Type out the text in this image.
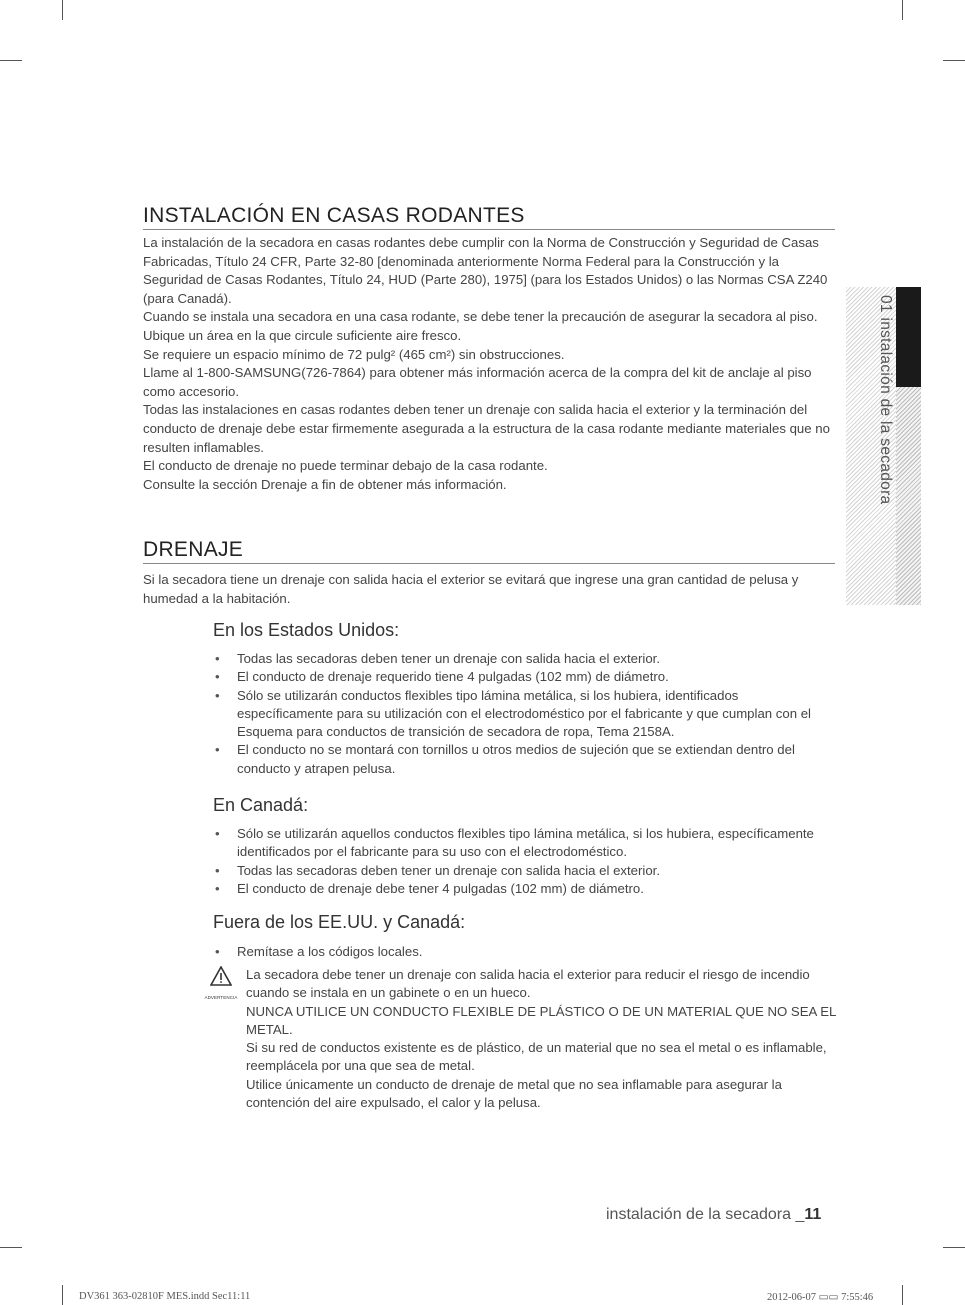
INSTALACIÓN EN CASAS RODANTES

La instalación de la secadora en casas rodantes debe cumplir con la Norma de Construcción y Seguridad de Casas Fabricadas, Título 24 CFR, Parte 32-80 [denominada anteriormente Norma Federal para la Construcción y la Seguridad de Casas Rodantes, Título 24, HUD (Parte 280), 1975] (para los Estados Unidos) o las Normas CSA Z240 (para Canadá).

Cuando se instala una secadora en una casa rodante, se debe tener la precaución de asegurar la secadora al piso.

Ubique un área en la que circule suficiente aire fresco.

Se requiere un espacio mínimo de 72 pulg² (465 cm²) sin obstrucciones.

Llame al 1-800-SAMSUNG(726-7864) para obtener más información acerca de la compra del kit de anclaje al piso como accesorio.

Todas las instalaciones en casas rodantes deben tener un drenaje con salida hacia el exterior y la terminación del conducto de drenaje debe estar firmemente asegurada a la estructura de la casa rodante mediante materiales que no resulten inflamables.

El conducto de drenaje no puede terminar debajo de la casa rodante.

Consulte la sección Drenaje a fin de obtener más información.

DRENAJE

Si la secadora tiene un drenaje con salida hacia el exterior se evitará que ingrese una gran cantidad de pelusa y humedad a la habitación.

En los Estados Unidos:
• Todas las secadoras deben tener un drenaje con salida hacia el exterior.
• El conducto de drenaje requerido tiene 4 pulgadas (102 mm) de diámetro.
• Sólo se utilizarán conductos flexibles tipo lámina metálica, si los hubiera, identificados específicamente para su utilización con el electrodoméstico por el fabricante y que cumplan con el Esquema para conductos de transición de secadora de ropa, Tema 2158A.
• El conducto no se montará con tornillos u otros medios de sujeción que se extiendan dentro del conducto y atrapen pelusa.
En Canadá:
• Sólo se utilizarán aquellos conductos flexibles tipo lámina metálica, si los hubiera, específicamente identificados por el fabricante para su uso con el electrodoméstico.
• Todas las secadoras deben tener un drenaje con salida hacia el exterior.
• El conducto de drenaje debe tener 4 pulgadas (102 mm) de diámetro.
Fuera de los EE.UU. y Canadá:
• Remítase a los códigos locales.
ADVERTENCIA

La secadora debe tener un drenaje con salida hacia el exterior para reducir el riesgo de incendio cuando se instala en un gabinete o en un hueco.

NUNCA UTILICE UN CONDUCTO FLEXIBLE DE PLÁSTICO O DE UN MATERIAL QUE NO SEA EL METAL.

Si su red de conductos existente es de plástico, de un material que no sea el metal o es inflamable, reemplácela por una que sea de metal.

Utilice únicamente un conducto de drenaje de metal que no sea inflamable para asegurar la contención del aire expulsado, el calor y la pelusa.

01 instalación de la secadora
instalación de la secadora _11
DV361 363-02810F MES.indd Sec11:11	2012-06-07 ▭▭ 7:55:46
